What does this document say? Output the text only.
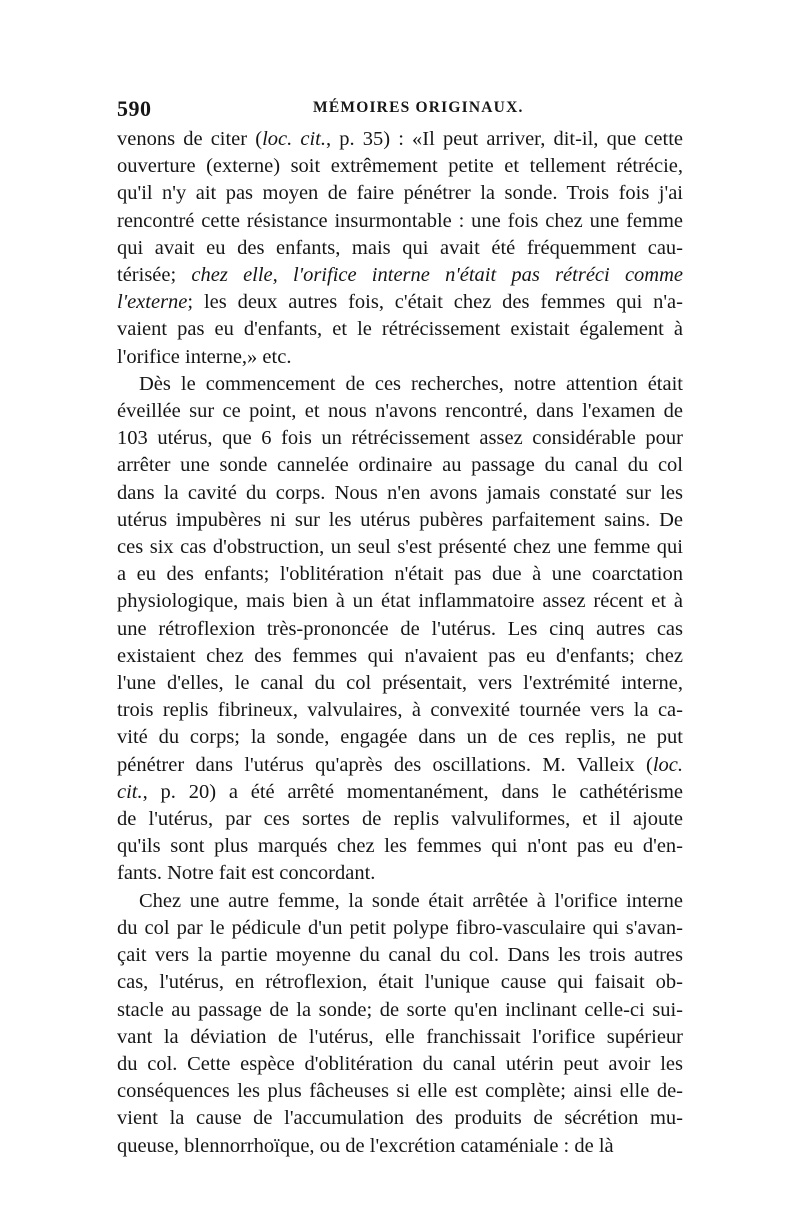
590	MÉMOIRES ORIGINAUX.
venons de citer (loc. cit., p. 35) : «Il peut arriver, dit-il, que cette
ouverture (externe) soit extrêmement petite et tellement rétrécie,
qu'il n'y ait pas moyen de faire pénétrer la sonde. Trois fois j'ai
rencontré cette résistance insurmontable : une fois chez une femme
qui avait eu des enfants, mais qui avait été fréquemment cau-
térisée; chez elle, l'orifice interne n'était pas rétréci comme
l'externe; les deux autres fois, c'était chez des femmes qui n'a-
vaient pas eu d'enfants, et le rétrécissement existait également à
l'orifice interne,» etc.
Dès le commencement de ces recherches, notre attention était
éveillée sur ce point, et nous n'avons rencontré, dans l'examen de
103 utérus, que 6 fois un rétrécissement assez considérable pour
arrêter une sonde cannelée ordinaire au passage du canal du col
dans la cavité du corps. Nous n'en avons jamais constaté sur les
utérus impubères ni sur les utérus pubères parfaitement sains. De
ces six cas d'obstruction, un seul s'est présenté chez une femme qui
a eu des enfants; l'oblitération n'était pas due à une coarctation
physiologique, mais bien à un état inflammatoire assez récent et à
une rétroflexion très-prononcée de l'utérus. Les cinq autres cas
existaient chez des femmes qui n'avaient pas eu d'enfants; chez
l'une d'elles, le canal du col présentait, vers l'extrémité interne,
trois replis fibrineux, valvulaires, à convexité tournée vers la ca-
vité du corps; la sonde, engagée dans un de ces replis, ne put
pénétrer dans l'utérus qu'après des oscillations. M. Valleix (loc.
cit., p. 20) a été arrêté momentanément, dans le cathétérisme
de l'utérus, par ces sortes de replis valvuliformes, et il ajoute
qu'ils sont plus marqués chez les femmes qui n'ont pas eu d'en-
fants. Notre fait est concordant.
Chez une autre femme, la sonde était arrêtée à l'orifice interne
du col par le pédicule d'un petit polype fibro-vasculaire qui s'avan-
çait vers la partie moyenne du canal du col. Dans les trois autres
cas, l'utérus, en rétroflexion, était l'unique cause qui faisait ob-
stacle au passage de la sonde; de sorte qu'en inclinant celle-ci sui-
vant la déviation de l'utérus, elle franchissait l'orifice supérieur
du col. Cette espèce d'oblitération du canal utérin peut avoir les
conséquences les plus fâcheuses si elle est complète; ainsi elle de-
vient la cause de l'accumulation des produits de sécrétion mu-
queuse, blennorrhoïque, ou de l'excrétion cataméniale : de là
